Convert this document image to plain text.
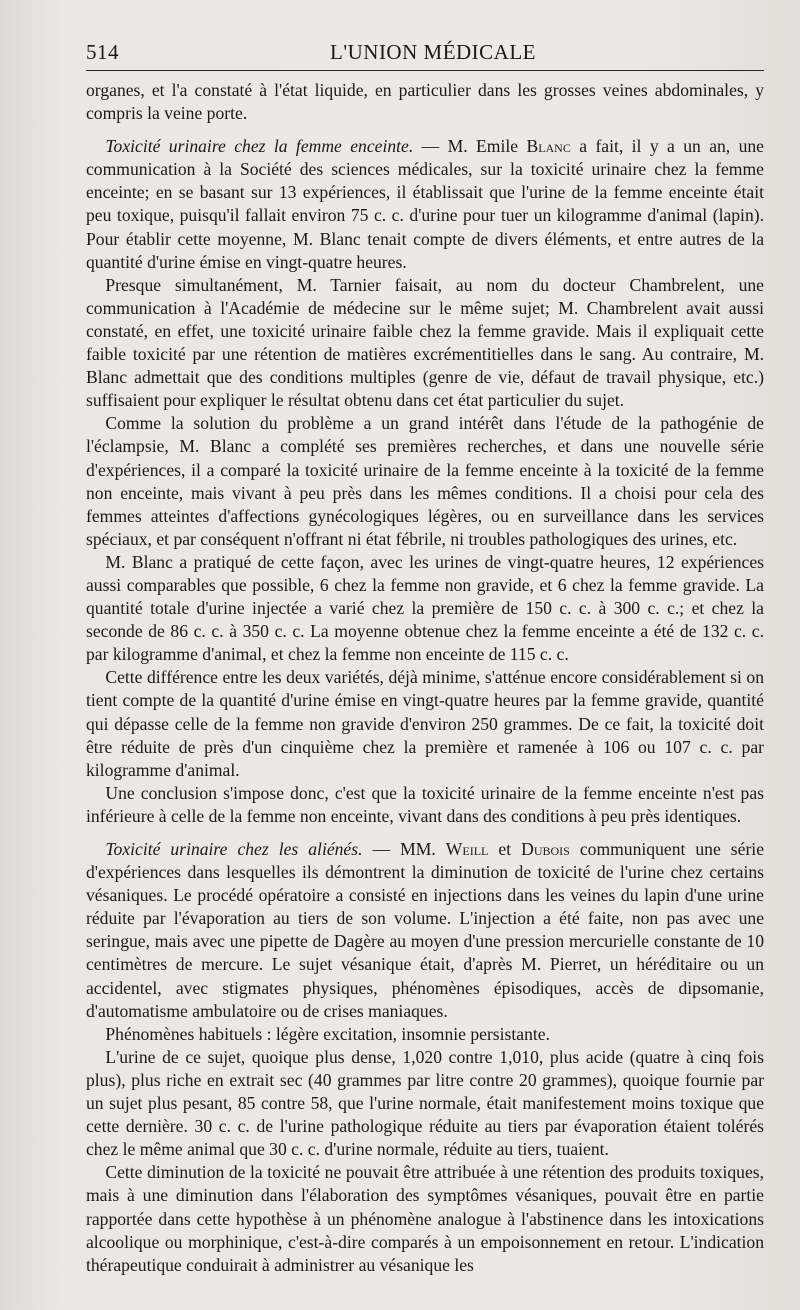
514	L'UNION MÉDICALE

organes, et l'a constaté à l'état liquide, en particulier dans les grosses veines abdominales, y compris la veine porte.

Toxicité urinaire chez la femme enceinte. — M. Emile Blanc a fait, il y a un an, une communication à la Société des sciences médicales, sur la toxicité urinaire chez la femme enceinte; en se basant sur 13 expériences, il établissait que l'urine de la femme enceinte était peu toxique, puisqu'il fallait environ 75 c. c. d'urine pour tuer un kilogramme d'animal (lapin). Pour établir cette moyenne, M. Blanc tenait compte de divers éléments, et entre autres de la quantité d'urine émise en vingt-quatre heures.

Presque simultanément, M. Tarnier faisait, au nom du docteur Chambrelent, une communication à l'Académie de médecine sur le même sujet; M. Chambrelent avait aussi constaté, en effet, une toxicité urinaire faible chez la femme gravide. Mais il expliquait cette faible toxicité par une rétention de matières excrémentitielles dans le sang. Au contraire, M. Blanc admettait que des conditions multiples (genre de vie, défaut de travail physique, etc.) suffisaient pour expliquer le résultat obtenu dans cet état particulier du sujet.

Comme la solution du problème a un grand intérêt dans l'étude de la pathogénie de l'éclampsie, M. Blanc a complété ses premières recherches, et dans une nouvelle série d'expériences, il a comparé la toxicité urinaire de la femme enceinte à la toxicité de la femme non enceinte, mais vivant à peu près dans les mêmes conditions. Il a choisi pour cela des femmes atteintes d'affections gynécologiques légères, ou en surveillance dans les services spéciaux, et par conséquent n'offrant ni état fébrile, ni troubles pathologiques des urines, etc.

M. Blanc a pratiqué de cette façon, avec les urines de vingt-quatre heures, 12 expériences aussi comparables que possible, 6 chez la femme non gravide, et 6 chez la femme gravide. La quantité totale d'urine injectée a varié chez la première de 150 c. c. à 300 c. c.; et chez la seconde de 86 c. c. à 350 c. c. La moyenne obtenue chez la femme enceinte a été de 132 c. c. par kilogramme d'animal, et chez la femme non enceinte de 115 c. c.

Cette différence entre les deux variétés, déjà minime, s'atténue encore considérablement si on tient compte de la quantité d'urine émise en vingt-quatre heures par la femme gravide, quantité qui dépasse celle de la femme non gravide d'environ 250 grammes. De ce fait, la toxicité doit être réduite de près d'un cinquième chez la première et ramenée à 106 ou 107 c. c. par kilogramme d'animal.

Une conclusion s'impose donc, c'est que la toxicité urinaire de la femme enceinte n'est pas inférieure à celle de la femme non enceinte, vivant dans des conditions à peu près identiques.

Toxicité urinaire chez les aliénés. — MM. Weill et Dubois communiquent une série d'expériences dans lesquelles ils démontrent la diminution de toxicité de l'urine chez certains vésaniques. Le procédé opératoire a consisté en injections dans les veines du lapin d'une urine réduite par l'évaporation au tiers de son volume. L'injection a été faite, non pas avec une seringue, mais avec une pipette de Dagère au moyen d'une pression mercurielle constante de 10 centimètres de mercure. Le sujet vésanique était, d'après M. Pierret, un héréditaire ou un accidentel, avec stigmates physiques, phénomènes épisodiques, accès de dipsomanie, d'automatisme ambulatoire ou de crises maniaques.

Phénomènes habituels : légère excitation, insomnie persistante.

L'urine de ce sujet, quoique plus dense, 1,020 contre 1,010, plus acide (quatre à cinq fois plus), plus riche en extrait sec (40 grammes par litre contre 20 grammes), quoique fournie par un sujet plus pesant, 85 contre 58, que l'urine normale, était manifestement moins toxique que cette dernière. 30 c. c. de l'urine pathologique réduite au tiers par évaporation étaient tolérés chez le même animal que 30 c. c. d'urine normale, réduite au tiers, tuaient.

Cette diminution de la toxicité ne pouvait être attribuée à une rétention des produits toxiques, mais à une diminution dans l'élaboration des symptômes vésaniques, pouvait être en partie rapportée dans cette hypothèse à un phénomène analogue à l'abstinence dans les intoxications alcoolique ou morphinique, c'est-à-dire comparés à un empoisonnement en retour. L'indication thérapeutique conduirait à administrer au vésanique les
